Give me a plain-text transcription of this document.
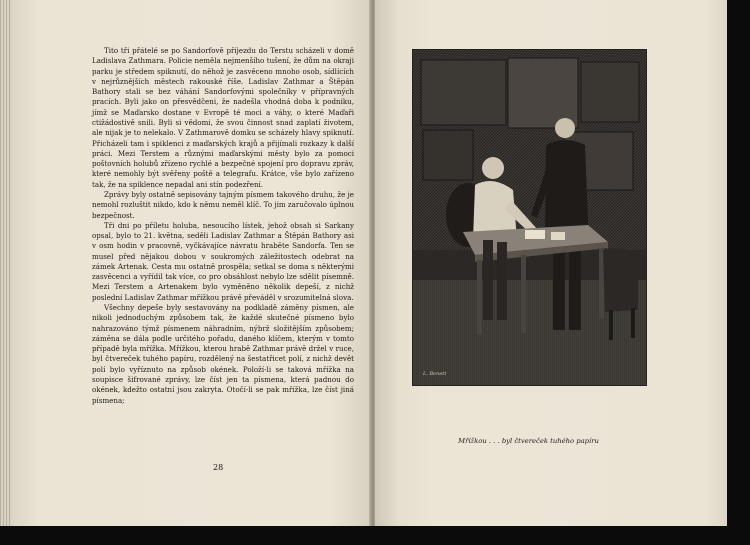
Tito tři přátelé se po Sandorfově příjezdu do Terstu scházeli v domě Ladislava Zathmara. Policie neměla nejmenšího tušení, že dům na okraji parku je středem spiknutí, do něhož je zasvěceno mnoho osob, sídlících v nejrůznějších městech rakouské říše. Ladislav Zathmar a Štěpán Bathory stali se bez váhání Sandorfovými společníky v přípravných pracích. Byli jako on přesvědčeni, že nadešla vhodná doba k podniku, jímž se Maďarsko dostane v Evropě té moci a váhy, o které Maďaři ctižádostivě snili. Byli si vědomi, že svou činnost snad zaplatí životem, ale nijak je to nelekalo. V Zathmarově domku se scházely hlavy spiknutí. Přicházeli tam i spiklenci z maďarských krajů a přijímali rozkazy k další práci. Mezi Terstem a různými maďarskými městy bylo za pomoci poštovních holubů zřízeno rychlé a bezpečné spojení pro dopravu zpráv, které nemohly být svěřeny poště a telegrafu. Krátce, vše bylo zařízeno tak, že na spiklence nepadal ani stín podezření.

Zprávy byly ostatně sepisovány tajným písmem takového druhu, že je nemohl rozluštit nikdo, kdo k němu neměl klíč. To jim zaručovalo úplnou bezpečnost.

Tři dni po příletu holuba, nesoucího lístek, jehož obsah si Sarkany opsal, bylo to 21. května, seděli Ladislav Zathmar a Štěpán Bathory asi v osm hodin v pracovně, vyčkávajíce návratu hraběte Sandorfa. Ten se musel před nějakou dobou v soukromých záležitostech odebrat na zámek Artenak. Cesta mu ostatně prospěla; setkal se doma s některými zasvěcenci a vyřídil tak více, co pro obsáhlost nebylo lze sdělit písemně. Mezi Terstem a Artenakem bylo vyměněno několik depeší, z nichž poslední Ladislav Zathmar mřížkou právě převáděl v srozumitelná slova.

Všechny depeše byly sestavovány na podkladě záměny písmen, ale nikoli jednoduchým způsobem tak, že každé skutečné písmeno bylo nahrazováno týmž písmenem náhradním, nýbrž složitějším způsobem; záměna se dála podle určitého pořadu, daného klíčem, kterým v tomto případě byla mřížka. Mřížkou, kterou hrabě Zathmar právě držel v ruce, byl čtvereček tuhého papíru, rozdělený na šestatřicet polí, z nichž devět polí bylo vyříznuto na způsob okének. Položí-li se taková mřížka na soupisce šifrované zprávy, lze číst jen ta písmena, která padnou do okének, kdežto ostatní jsou zakryta. Otočí-li se pak mřížka, lze číst jiná písmena;

28
L. Benett
Mřížkou . . . byl čtvereček tuhého papíru
